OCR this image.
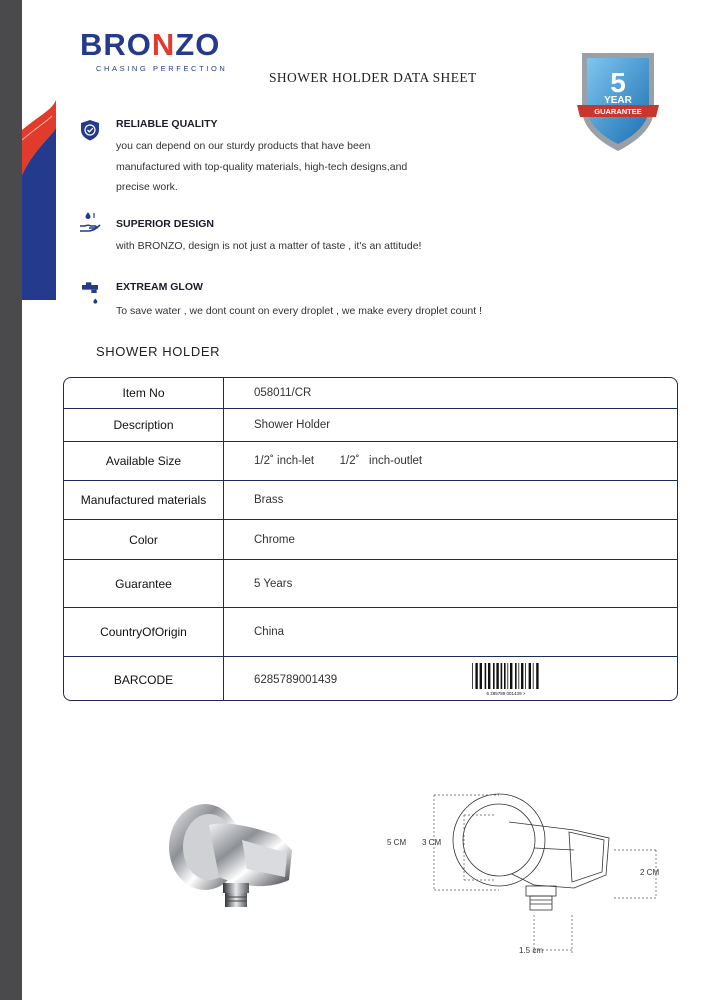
BRONZO
CHASING PERFECTION
SHOWER HOLDER DATA SHEET	5
YEAR
GUARANTEE
RELIABLE QUALITY
you can depend on our sturdy products that have been
manufactured with top-quality materials, high-tech designs,and
precise work.
SUPERIOR DESIGN
with BRONZO, design is not just a matter of taste , it's an attitude!
EXTREAM GLOW
To save water , we dont count on every droplet , we make every droplet count !
SHOWER HOLDER
Item No	058011/CR
Description	Shower Holder
Available Size	1/2˚ inch-let        1/2˚   inch-outlet
Manufactured materials	Brass
Color	Chrome
Guarantee	5 Years
CountryOfOrigin	China
BARCODE	6285789001439
6 285789 001439 >
5 CM 3 CM
2 CM
1.5 cm
